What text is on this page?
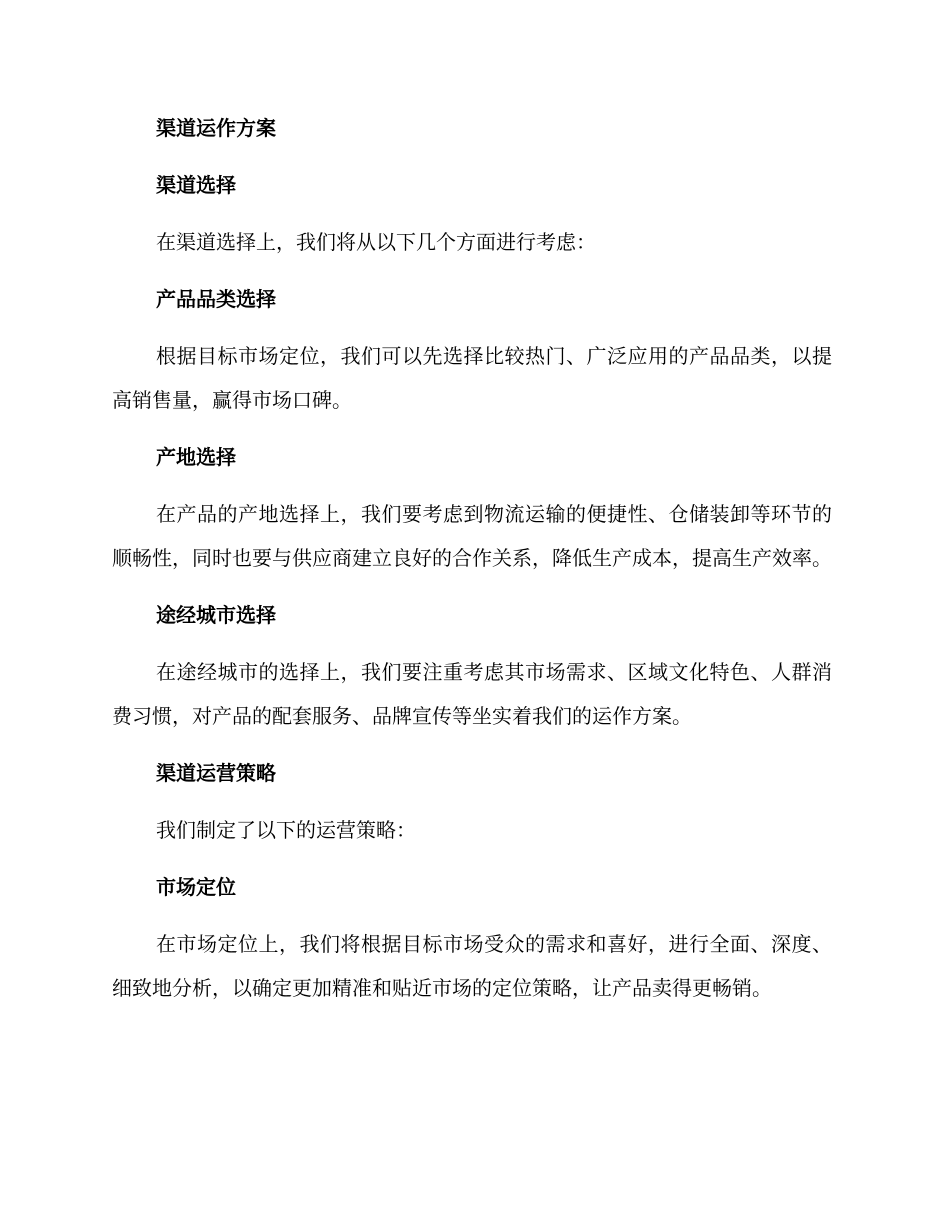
渠道运作方案
渠道选择

在渠道选择上，我们将从以下几个方面进行考虑：

产品品类选择

根据目标市场定位，我们可以先选择比较热门、广泛应用的产品品类，以提高销售量，赢得市场口碑。

产地选择

在产品的产地选择上，我们要考虑到物流运输的便捷性、仓储装卸等环节的顺畅性，同时也要与供应商建立良好的合作关系，降低生产成本，提高生产效率。

途经城市选择

在途经城市的选择上，我们要注重考虑其市场需求、区域文化特色、人群消费习惯，对产品的配套服务、品牌宣传等坐实着我们的运作方案。

渠道运营策略

我们制定了以下的运营策略：

市场定位

在市场定位上，我们将根据目标市场受众的需求和喜好，进行全面、深度、细致地分析，以确定更加精准和贴近市场的定位策略，让产品卖得更畅销。
